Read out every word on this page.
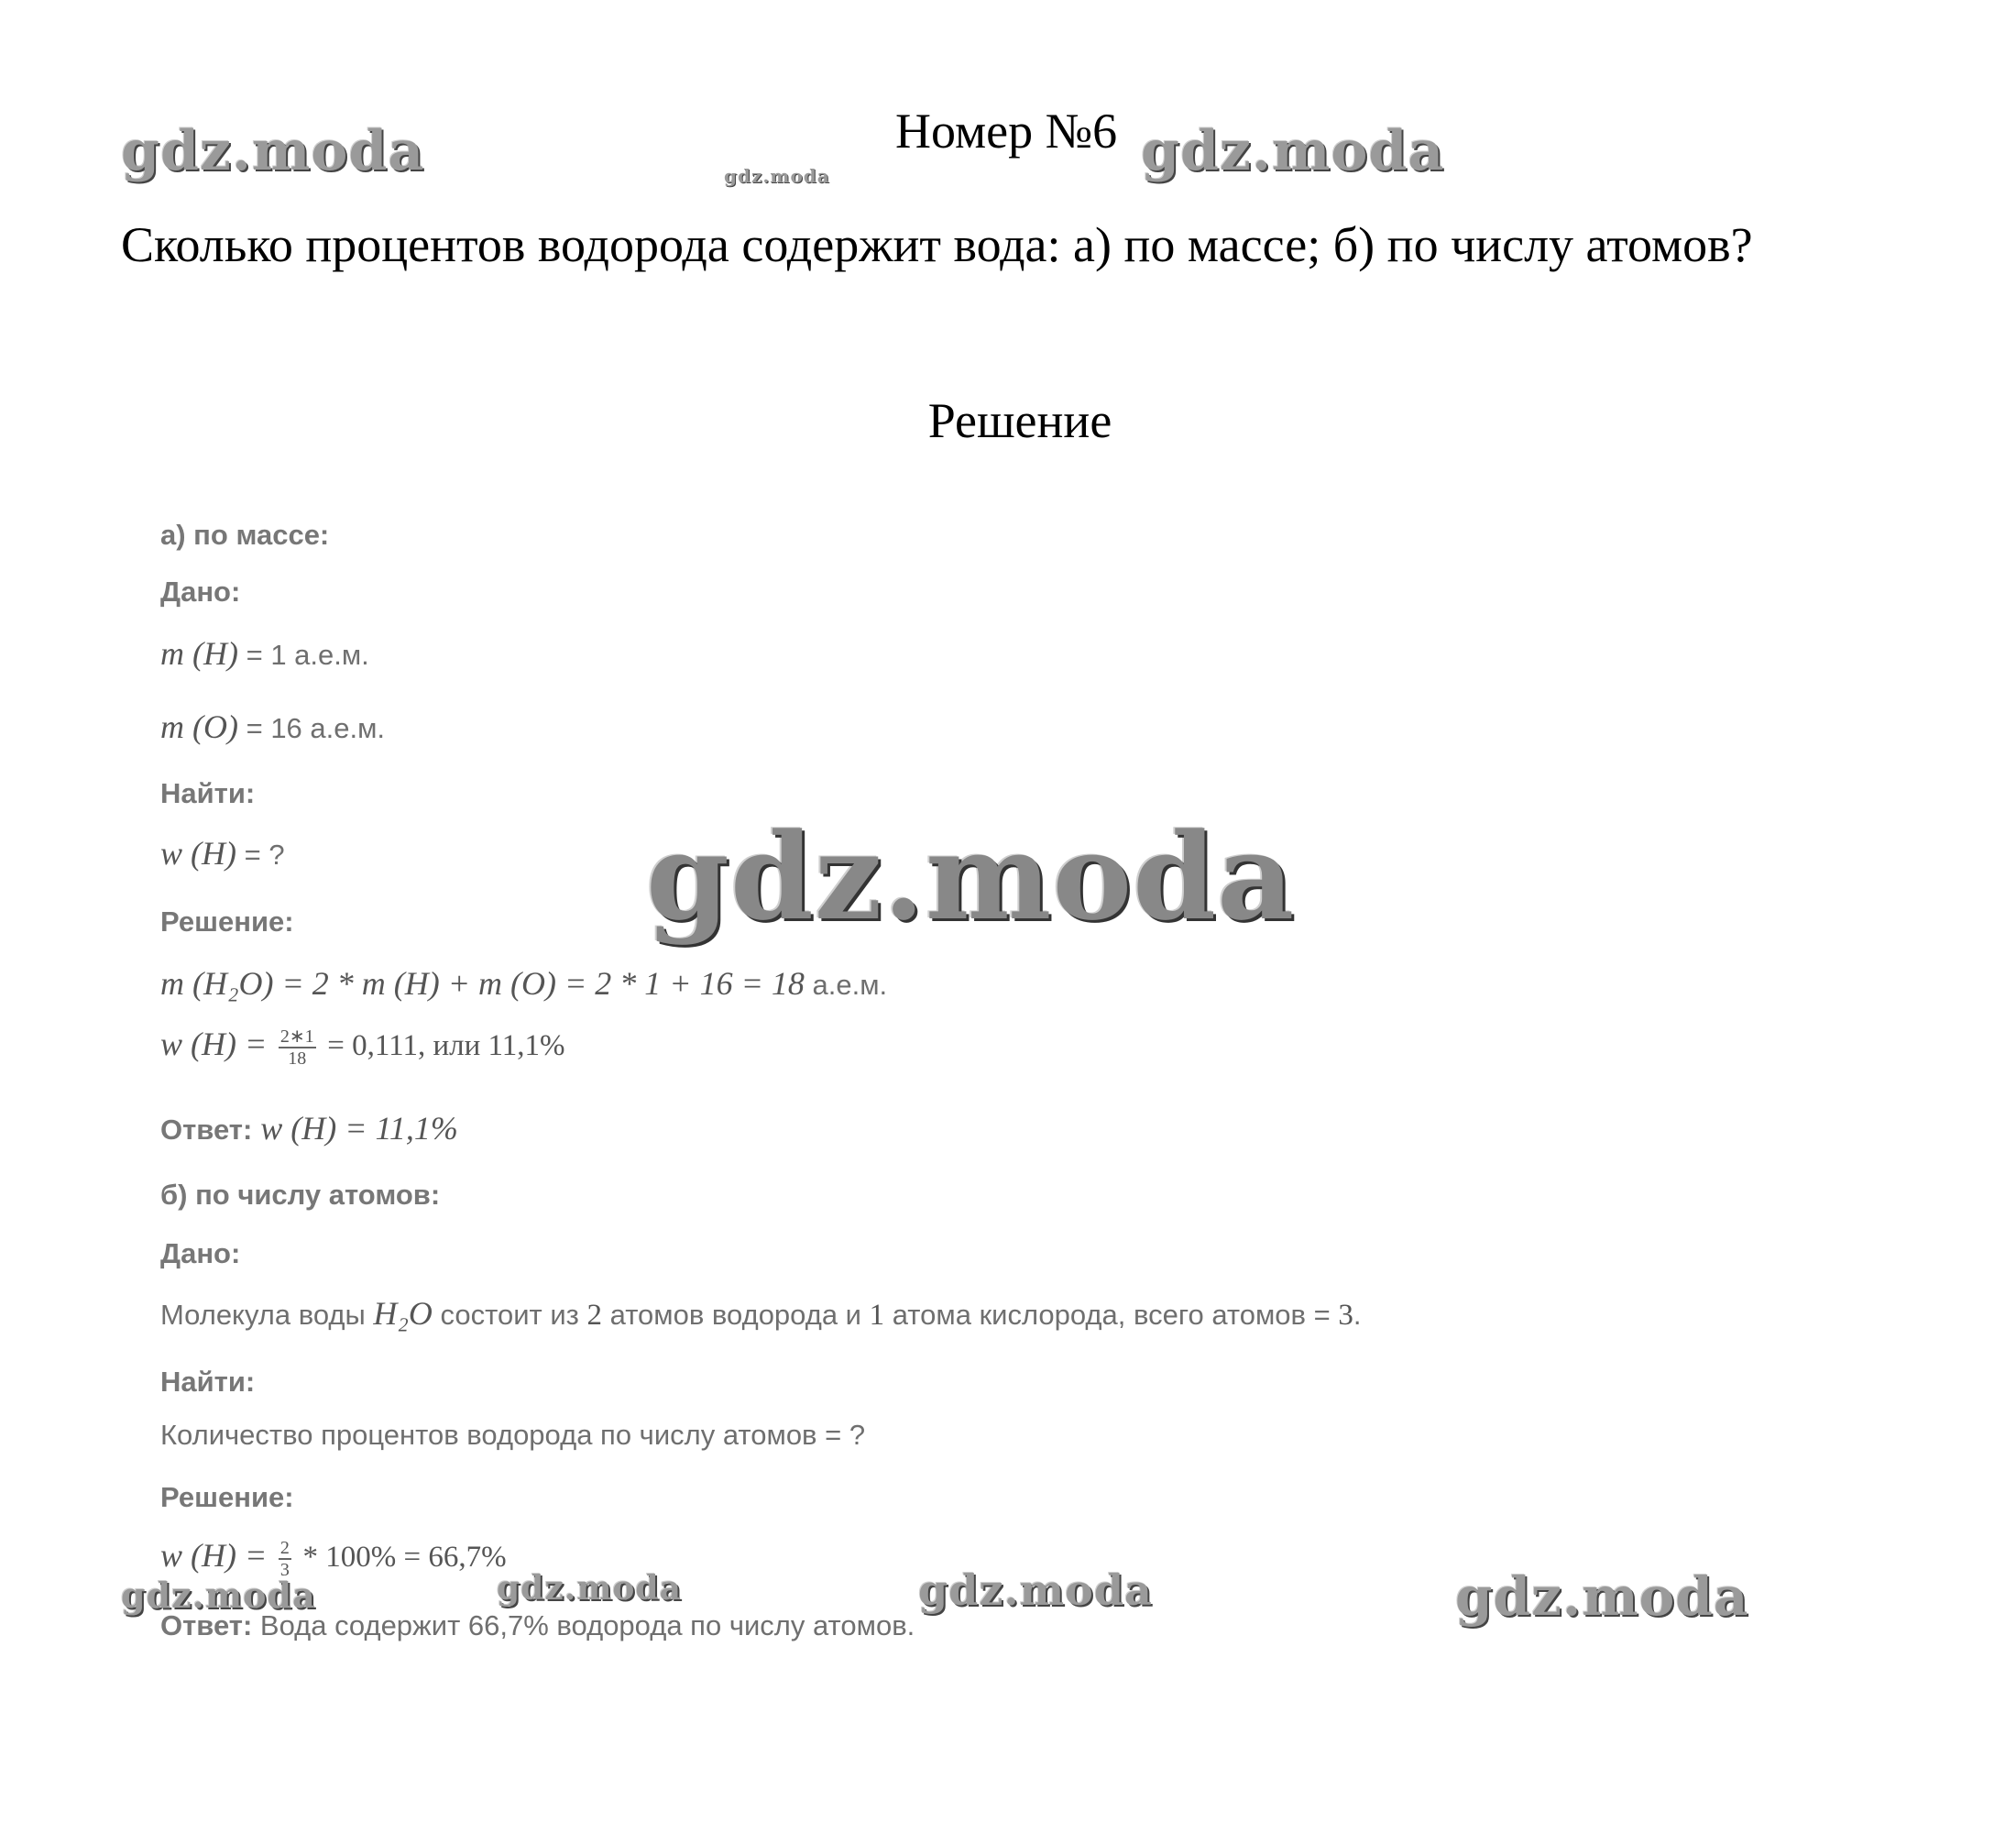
gdz.moda	gdz.moda	gdz.moda
gdz.moda
gdz.moda	gdz.moda	gdz.moda	gdz.moda
Номер №6
Сколько процентов водорода содержит вода: а) по массе; б) по числу атомов?
Решение
а) по массе:
Дано:
m (H) = 1 а.е.м.
m (O) = 16 а.е.м.
Найти:
w (H) = ?
Решение:
m (H₂O) = 2 * m (H) + m (O) = 2 * 1 + 16 = 18 а.е.м.
w $(H) = \frac{2∗1}{18} = 0,111$, или 11,1%
Ответ: w (H) = 11,1%
б) по числу атомов:
Дано:
Молекула воды H₂O состоит из 2 атомов водорода и 1 атома кислорода, всего атомов = 3.
Найти:
Количество процентов водорода по числу атомов = ?
Решение:
w $(H) = \frac{2}{3} * 100\% = 66,7\%$
Ответ: Вода содержит 66,7% водорода по числу атомов.
